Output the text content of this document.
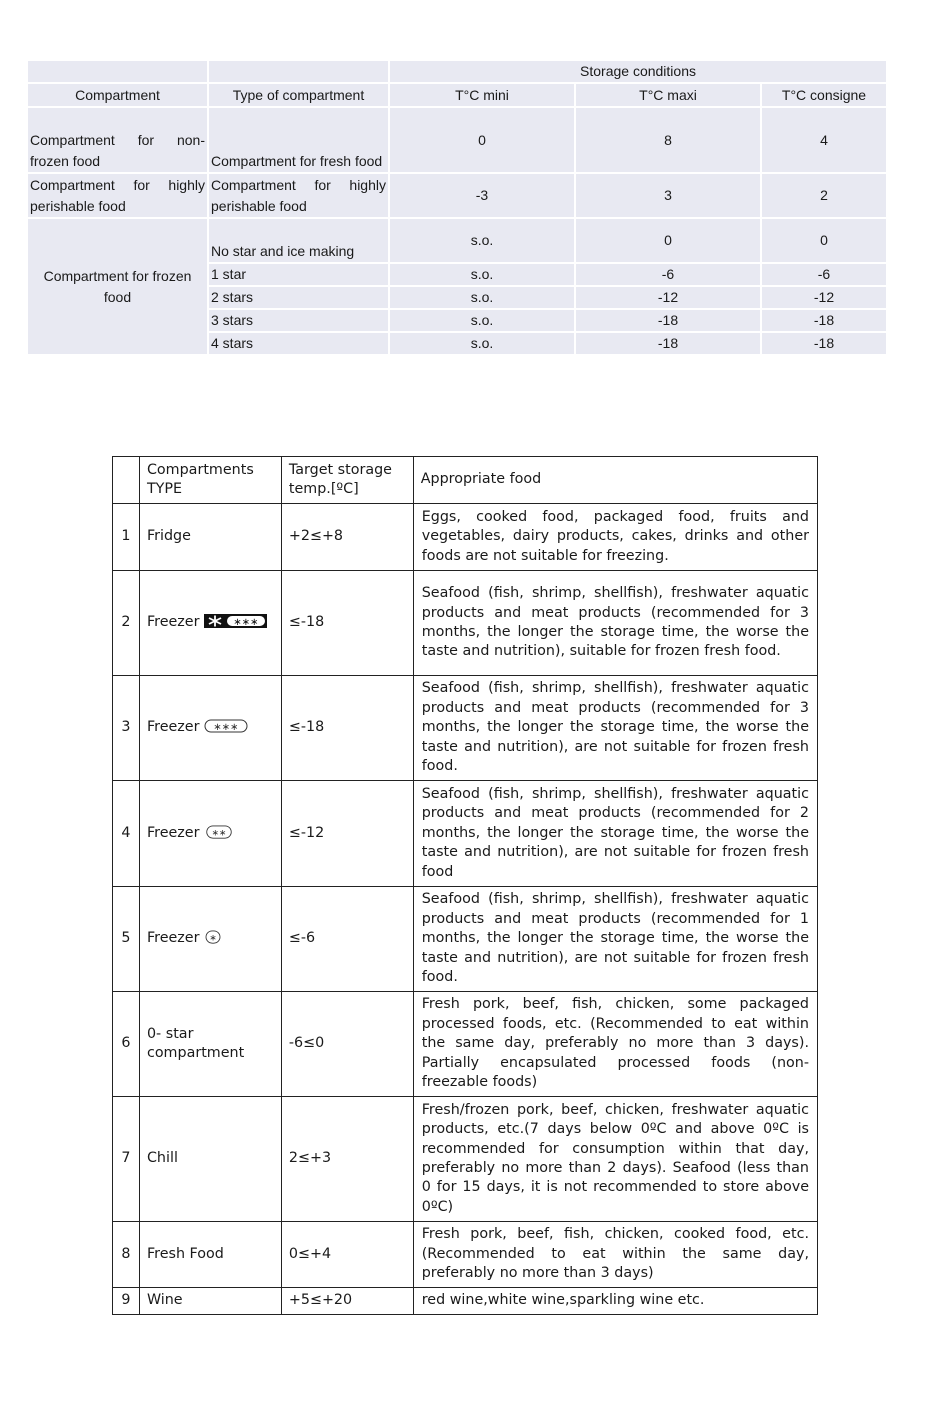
		Storage conditions		
Compartment	Type of compartment	T°C mini	T°C maxi	T°C consigne
Compartment for non-frozen food	Compartment for fresh food	0	8	4
Compartment for highly perishable food	Compartment for highly perishable food	-3	3	2
Compartment for frozen food	No star and ice making	s.o.	0	0
	1 star	s.o.	-6	-6
	2 stars	s.o.	-12	-12
	3 stars	s.o.	-18	-18
	4 stars	s.o.	-18	-18
	Compartments TYPE	Target storage temp.[ºC]	Appropriate food
1	Fridge	+2≤+8	Eggs, cooked food, packaged food, fruits and vegetables, dairy products, cakes, drinks and other foods are not suitable for freezing.
2	Freezer ∗∗∗	≤-18	Seafood (fish, shrimp, shellfish), freshwater aquatic products and meat products (recommended for 3 months, the longer the storage time, the worse the taste and nutrition), suitable for frozen fresh food.
3	Freezer ∗∗∗	≤-18	Seafood (fish, shrimp, shellfish), freshwater aquatic products and meat products (recommended for 3 months, the longer the storage time, the worse the taste and nutrition), are not suitable for frozen fresh food.
4	Freezer ∗∗	≤-12	Seafood (fish, shrimp, shellfish), freshwater aquatic products and meat products (recommended for 2 months, the longer the storage time, the worse the taste and nutrition), are not suitable for frozen fresh food
5	Freezer ∗	≤-6	Seafood (fish, shrimp, shellfish), freshwater aquatic products and meat products (recommended for 1 months, the longer the storage time, the worse the taste and nutrition), are not suitable for frozen fresh food.
6	0- star compartment	-6≤0	Fresh pork, beef, fish, chicken, some packaged processed foods, etc. (Recommended to eat within the same day, preferably no more than 3 days). Partially encapsulated processed foods (non-freezable foods)
7	Chill	2≤+3	Fresh/frozen pork, beef, chicken, freshwater aquatic products, etc.(7 days below 0ºC and above 0ºC is recommended for consumption within that day, preferably no more than 2 days). Seafood (less than 0 for 15 days, it is not recommended to store above 0ºC)
8	Fresh Food	0≤+4	Fresh pork, beef, fish, chicken, cooked food, etc. (Recommended to eat within the same day, preferably no more than 3 days)
9	Wine	+5≤+20	red wine,white wine,sparkling wine etc.
